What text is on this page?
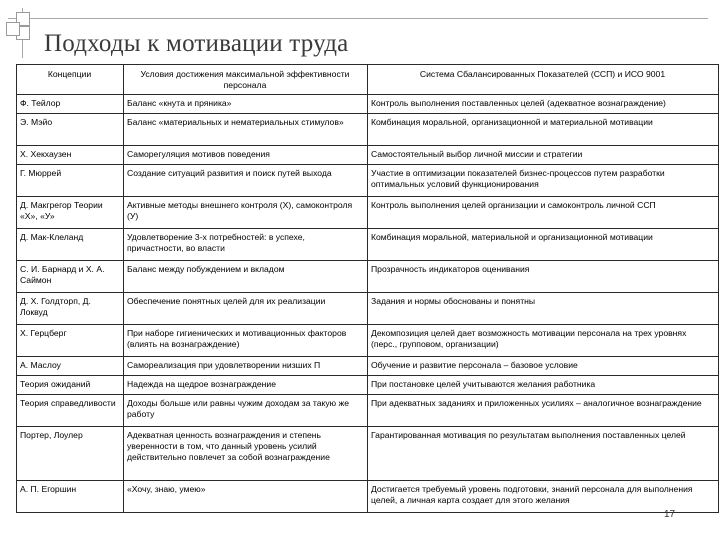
Подходы к мотивации труда
Концепции	Условия достижения максимальной эффективности персонала	Система Сбалансированных Показателей (ССП) и ИСО 9001
Ф. Тейлор	Баланс «кнута и пряника»	Контроль выполнения поставленных целей (адекватное вознаграждение)
Э. Мэйо	Баланс «материальных и нематериальных стимулов»	Комбинация моральной, организационной и материальной мотивации
Х. Хекхаузен	Саморегуляция мотивов поведения	Самостоятельный выбор личной миссии и стратегии
Г. Мюррей	Создание ситуаций развития и поиск путей выхода	Участие в оптимизации показателей бизнес-процессов путем разработки оптимальных условий функционирования
Д. Макгрегор Теории «Х», «У»	Активные методы внешнего контроля (Х), самоконтроля (У)	Контроль выполнения целей организации и самоконтроль личной ССП
Д. Мак-Клеланд	Удовлетворение 3-х потребностей: в успехе, причастности, во власти	Комбинация моральной, материальной и организационной мотивации
С. И. Барнард и Х. А. Саймон	Баланс между побуждением и вкладом	Прозрачность индикаторов оценивания
Д. Х. Голдторп, Д. Локвуд	Обеспечение понятных целей для их реализации	Задания и нормы обоснованы и понятны
Х. Герцберг	При наборе гигиенических и мотивационных факторов (влиять на вознаграждение)	Декомпозиция целей дает возможность мотивации персонала на трех уровнях (перс., групповом, организации)
А. Маслоу	Самореализация при удовлетворении низших П	Обучение и развитие персонала – базовое условие
Теория ожиданий	Надежда на щедрое вознаграждение	При постановке целей учитываются желания работника
Теория справедливости	Доходы больше или равны чужим доходам за такую же работу	При адекватных заданиях и приложенных усилиях – аналогичное вознаграждение
Портер, Лоулер	Адекватная ценность вознаграждения и степень уверенности в том, что данный уровень усилий действительно повлечет за собой вознаграждение	Гарантированная мотивация по результатам выполнения поставленных целей
А. П. Егоршин	«Хочу, знаю, умею»	Достигается требуемый уровень подготовки, знаний персонала для выполнения целей, а личная карта создает для этого желания
17
